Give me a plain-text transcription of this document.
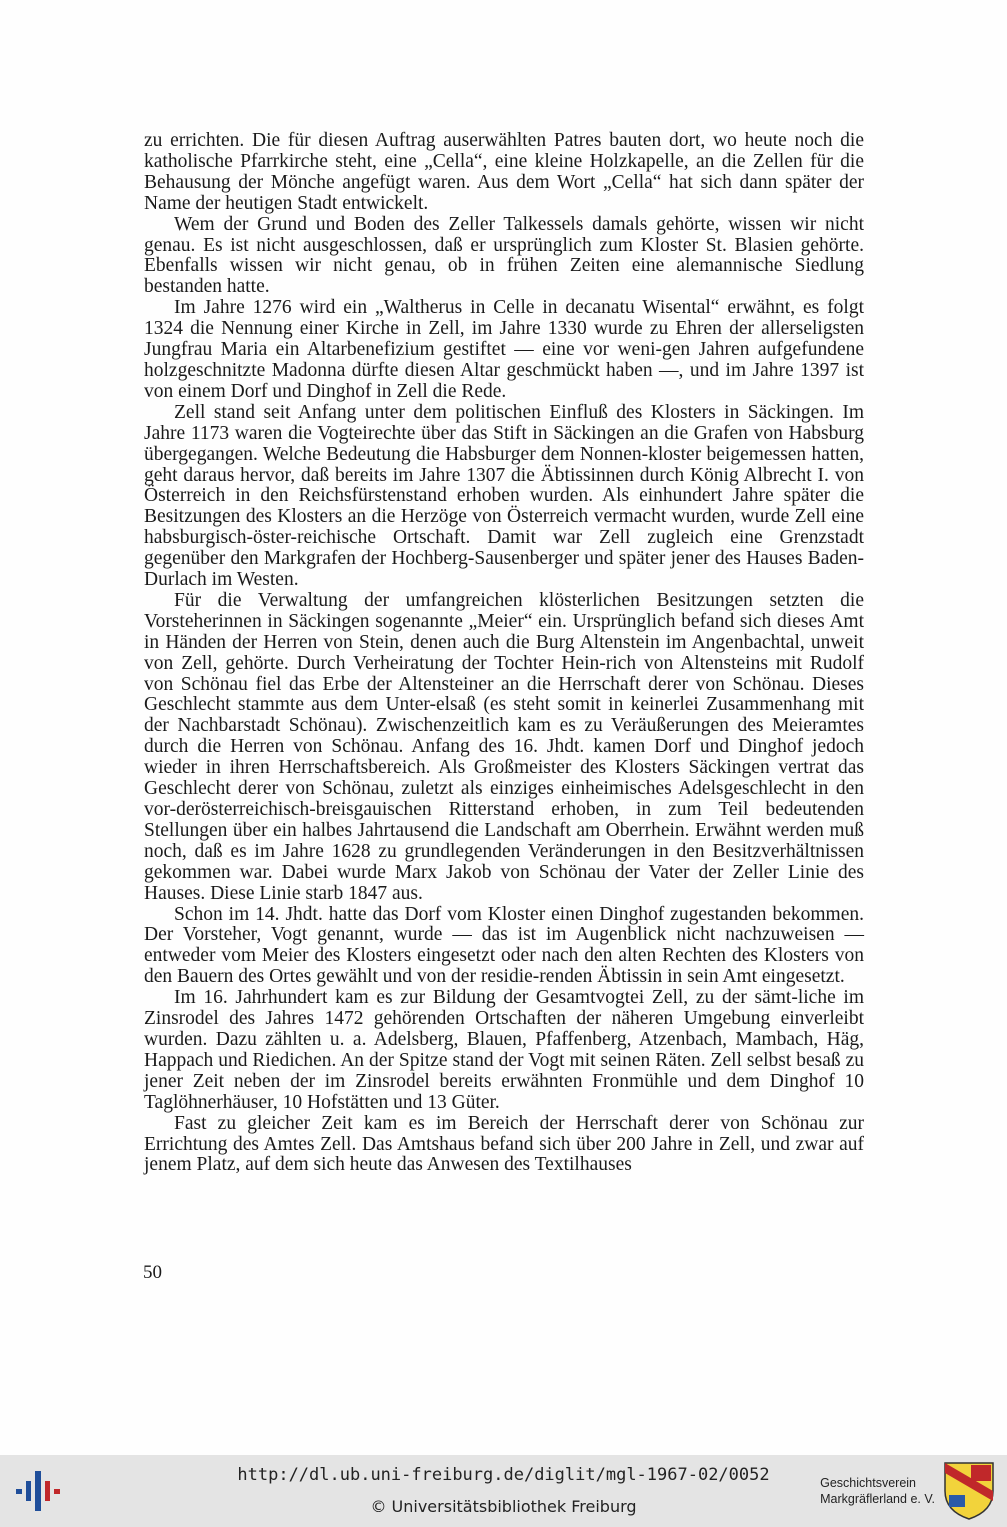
zu errichten. Die für diesen Auftrag auserwählten Patres bauten dort, wo heute noch die katholische Pfarrkirche steht, eine „Cella“, eine kleine Holzkapelle, an die Zellen für die Behausung der Mönche angefügt waren. Aus dem Wort „Cella“ hat sich dann später der Name der heutigen Stadt entwickelt.

Wem der Grund und Boden des Zeller Talkessels damals gehörte, wissen wir nicht genau. Es ist nicht ausgeschlossen, daß er ursprünglich zum Kloster St. Blasien gehörte. Ebenfalls wissen wir nicht genau, ob in frühen Zeiten eine alemannische Siedlung bestanden hatte.

Im Jahre 1276 wird ein „Waltherus in Celle in decanatu Wisental“ erwähnt, es folgt 1324 die Nennung einer Kirche in Zell, im Jahre 1330 wurde zu Ehren der allerseligsten Jungfrau Maria ein Altarbenefizium gestiftet — eine vor weni-gen Jahren aufgefundene holzgeschnitzte Madonna dürfte diesen Altar geschmückt haben —, und im Jahre 1397 ist von einem Dorf und Dinghof in Zell die Rede.

Zell stand seit Anfang unter dem politischen Einfluß des Klosters in Säckingen. Im Jahre 1173 waren die Vogteirechte über das Stift in Säckingen an die Grafen von Habsburg übergegangen. Welche Bedeutung die Habsburger dem Nonnen-kloster beigemessen hatten, geht daraus hervor, daß bereits im Jahre 1307 die Äbtissinnen durch König Albrecht I. von Österreich in den Reichsfürstenstand erhoben wurden. Als einhundert Jahre später die Besitzungen des Klosters an die Herzöge von Österreich vermacht wurden, wurde Zell eine habsburgisch-öster-reichische Ortschaft. Damit war Zell zugleich eine Grenzstadt gegenüber den Markgrafen der Hochberg-Sausenberger und später jener des Hauses Baden-Durlach im Westen.

Für die Verwaltung der umfangreichen klösterlichen Besitzungen setzten die Vorsteherinnen in Säckingen sogenannte „Meier“ ein. Ursprünglich befand sich dieses Amt in Händen der Herren von Stein, denen auch die Burg Altenstein im Angenbachtal, unweit von Zell, gehörte. Durch Verheiratung der Tochter Hein-rich von Altensteins mit Rudolf von Schönau fiel das Erbe der Altensteiner an die Herrschaft derer von Schönau. Dieses Geschlecht stammte aus dem Unter-elsaß (es steht somit in keinerlei Zusammenhang mit der Nachbarstadt Schönau). Zwischenzeitlich kam es zu Veräußerungen des Meieramtes durch die Herren von Schönau. Anfang des 16. Jhdt. kamen Dorf und Dinghof jedoch wieder in ihren Herrschaftsbereich. Als Großmeister des Klosters Säckingen vertrat das Geschlecht derer von Schönau, zuletzt als einziges einheimisches Adelsgeschlecht in den vor-derösterreichisch-breisgauischen Ritterstand erhoben, in zum Teil bedeutenden Stellungen über ein halbes Jahrtausend die Landschaft am Oberrhein. Erwähnt werden muß noch, daß es im Jahre 1628 zu grundlegenden Veränderungen in den Besitzverhältnissen gekommen war. Dabei wurde Marx Jakob von Schönau der Vater der Zeller Linie des Hauses. Diese Linie starb 1847 aus.

Schon im 14. Jhdt. hatte das Dorf vom Kloster einen Dinghof zugestanden bekommen. Der Vorsteher, Vogt genannt, wurde — das ist im Augenblick nicht nachzuweisen — entweder vom Meier des Klosters eingesetzt oder nach den alten Rechten des Klosters von den Bauern des Ortes gewählt und von der residie-renden Äbtissin in sein Amt eingesetzt.

Im 16. Jahrhundert kam es zur Bildung der Gesamtvogtei Zell, zu der sämt-liche im Zinsrodel des Jahres 1472 gehörenden Ortschaften der näheren Umgebung einverleibt wurden. Dazu zählten u. a. Adelsberg, Blauen, Pfaffenberg, Atzenbach, Mambach, Häg, Happach und Riedichen. An der Spitze stand der Vogt mit seinen Räten. Zell selbst besaß zu jener Zeit neben der im Zinsrodel bereits erwähnten Fronmühle und dem Dinghof 10 Taglöhnerhäuser, 10 Hofstätten und 13 Güter.

Fast zu gleicher Zeit kam es im Bereich der Herrschaft derer von Schönau zur Errichtung des Amtes Zell. Das Amtshaus befand sich über 200 Jahre in Zell, und zwar auf jenem Platz, auf dem sich heute das Anwesen des Textilhauses

50
http://dl.ub.uni-freiburg.de/diglit/mgl-1967-02/0052
© Universitätsbibliothek Freiburg
Geschichtsverein
Markgräflerland e. V.
